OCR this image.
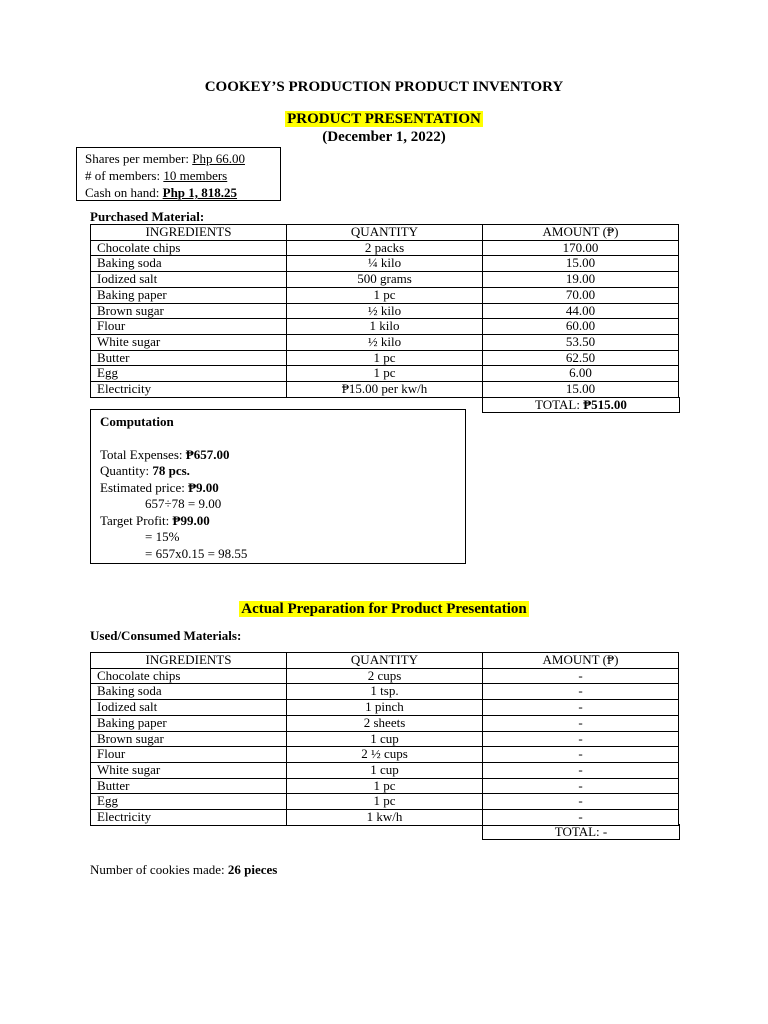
COOKEY’S PRODUCTION PRODUCT INVENTORY
PRODUCT PRESENTATION
(December 1, 2022)
Shares per member: Php 66.00
# of members: 10 members
Cash on hand: Php 1, 818.25
Purchased Material:
INGREDIENTS	QUANTITY	AMOUNT (₱)
Chocolate chips	2 packs	170.00
Baking soda	¼ kilo	15.00
Iodized salt	500 grams	19.00
Baking paper	1 pc	70.00
Brown sugar	½ kilo	44.00
Flour	1 kilo	60.00
White sugar	½ kilo	53.50
Butter	1 pc	62.50
Egg	1 pc	6.00
Electricity	₱15.00 per kw/h	15.00
TOTAL: ₱515.00
Computation
Total Expenses: ₱657.00
Quantity: 78 pcs.
Estimated price: ₱9.00
657÷78 = 9.00
Target Profit: ₱99.00
= 15%
= 657x0.15 = 98.55
Actual Preparation for Product Presentation
Used/Consumed Materials:
INGREDIENTS	QUANTITY	AMOUNT (₱)
Chocolate chips	2 cups	-
Baking soda	1 tsp.	-
Iodized salt	1 pinch	-
Baking paper	2 sheets	-
Brown sugar	1 cup	-
Flour	2 ½ cups	-
White sugar	1 cup	-
Butter	1 pc	-
Egg	1 pc	-
Electricity	1 kw/h	-
TOTAL: -
Number of cookies made: 26 pieces
